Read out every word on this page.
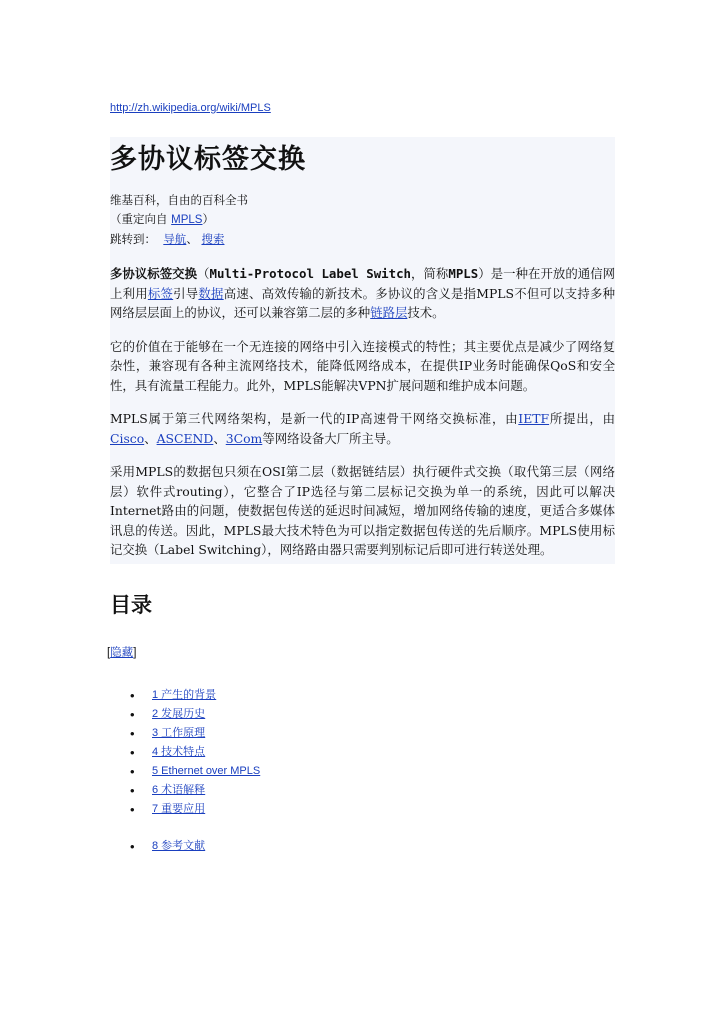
http://zh.wikipedia.org/wiki/MPLS
多协议标签交换
维基百科，自由的百科全书
（重定向自 MPLS）
跳转到： 导航、 搜索
多协议标签交换（Multi-Protocol Label Switch，简称MPLS）是一种在开放的通信网上利用标签引导数据高速、高效传输的新技术。多协议的含义是指MPLS不但可以支持多种网络层层面上的协议，还可以兼容第二层的多种链路层技术。
它的价值在于能够在一个无连接的网络中引入连接模式的特性；其主要优点是减少了网络复杂性，兼容现有各种主流网络技术，能降低网络成本，在提供IP业务时能确保QoS和安全性，具有流量工程能力。此外，MPLS能解决VPN扩展问题和维护成本问题。
MPLS属于第三代网络架构，是新一代的IP高速骨干网络交换标准，由IETF所提出，由Cisco、ASCEND、3Com等网络设备大厂所主导。
采用MPLS的数据包只须在OSI第二层（数据链结层）执行硬件式交换（取代第三层（网络层）软件式routing），它整合了IP选径与第二层标记交换为单一的系统，因此可以解决Internet路由的问题，使数据包传送的延迟时间减短，增加网络传输的速度，更适合多媒体讯息的传送。因此，MPLS最大技术特色为可以指定数据包传送的先后顺序。MPLS使用标记交换（Label Switching），网络路由器只需要判别标记后即可进行转送处理。
目录
[隐藏]
• 1 产生的背景
• 2 发展历史
• 3 工作原理
• 4 技术特点
• 5 Ethernet over MPLS
• 6 术语解释
• 7 重要应用
• 8 参考文献
